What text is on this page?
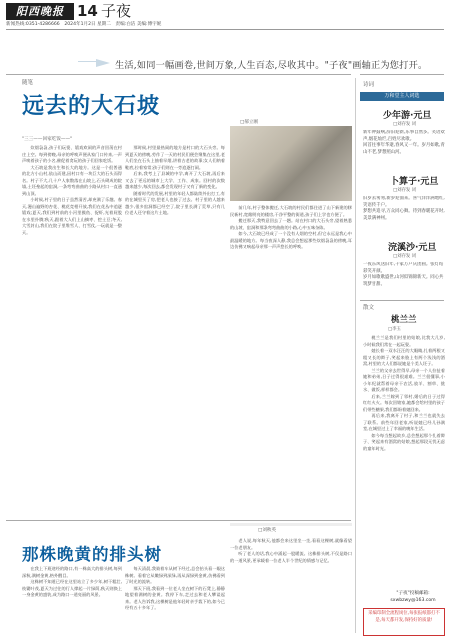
阳西晚报 14 子夜
新闻热线:0351-4286666　2024年1月2日 星期二　责编:白洁 美编:傅宇妮
生活,如同一幅画卷,世间万象,人生百态,尽收其中。"子夜"画轴正为您打开。
随笔
远去的大石坡
□郝立刚
"三三——回家吃饭——"

炊烟袅袅,孩子们玩耍、嬉戏欢闹的声音回荡在村庄上空。每到傍晚,母亲的呼唤声便从家门口传来,一声声唤着孩子的小名,催促着贪玩的孩子们回家吃饭。

大石坡是我出生和长大的地方。这是一个很普通的北方小山村,依山而建,因村口有一块巨大的石头而得名。村子不大,几十户人家散落在山坡上,石头砌成的院墙,土坯垒起的窑洞,一条弯弯曲曲的小路从村口一直通到山顶。

小时候,村子里的日子虽然清苦,却充满了乐趣。春天,漫山遍野的杏花、桃花竞相开放,我们在花丛中追逐嬉戏;夏天,我们到村前的小河里摸鱼、捉虾,光着屁股在水里扑腾;秋天,跟着大人们上山摘枣、挖土豆;冬天,大雪封山,我们在院子里堆雪人、打雪仗,一玩就是一整天。

那时候,村里最热闹的地方是村口的大石头旁。每到夏天的傍晚,劳作了一天的村民们便会聚集在这里,老人们坐在石头上抽着旱烟,讲着古老的故事;女人们纳着鞋底,拉着家常;孩子们则在一旁追逐打闹。

后来,我考上了县城的中学,离开了大石坡,再后来又去了更远的城市上大学、工作、成家。回村的次数越来越少,每次回去,都会发现村子又有了新的变化。

随着时代的发展,村里的年轻人都陆续外出打工,有的在城里买了房,把老人也接了过去。村子里的人越来越少,很多窑洞都已经空了,院子里长满了荒草,只有几位老人还守着这片土地。

前几年,村子整体搬迁,大石坡的村民们都住进了山下新建的移民新村,宽敞明亮的楼房,干净平整的街道,孩子们上学也方便了。

搬迁那天,我特意回去了一趟。站在村口的大石头旁,望着熟悉的山坡、窑洞和那条弯弯曲曲的小路,心中五味杂陈。

如今,大石坡已经成了一个没有人烟的空村,但它永远是我心中最温暖的地方。每当夜深人静,我总会想起那些炊烟袅袅的傍晚,耳边仿佛又响起母亲那一声声悠长的呼唤。

那株晚黄的排头树
□刘秋英

在我上下班途经的路口,有一株高大的排头树,每到深秋,满树金黄,格外醒目。

这株树不知道已经在这里站立了多少年,树干粗壮,枝繁叶茂,夏天为过往的行人撑起一片绿荫,秋天则换上一身金黄的盛装,成为路口一道亮丽的风景。

每天清晨,我骑着车从树下经过,总会抬头看一眼这株树。看着它从嫩绿到深绿,再从深绿到金黄,仿佛看到了时光的流转。

那天下班,我看到一位老人坐在树下的石凳上,静静地望着满树的金黄。我停下车,走过去和老人攀谈起来。老人告诉我,这棵树是他年轻时亲手栽下的,如今已经有五十多年了。

老人说,每年秋天,他都会来这里坐一坐,看看这棵树,就像看望一位老朋友。

听了老人的话,我心中涌起一股暖流。这株排头树,不仅是路口的一道风景,更承载着一位老人半个世纪的情感与记忆。

诗词
万和堂主人词选
少年游·元旦
□刘存发 词

新年钟鼓响,辞旧迎新,乐事自然多。笑语欢声,烟花灿烂,百姓尽欢歌。

回首往事年华逝,春风又一年。岁月如歌,青山不老,梦想照山河。

卜算子·元旦
□刘存发 词

旧岁去匆匆,新岁迎面来。喜气洋洋满地红,笑语传千户。

梦想共追寻,万众同心舞。待到春暖花开时,美景满神州。

浣溪沙·元旦
□刘存发 词

一夜东风送旧年,千家万户庆团圆。张灯结彩笑开颜。

岁月如歌歌盛世,山河似锦锦新天。同心共筑梦甘甜。

散文
桃兰兰
□李玉

桃兰兰是我们村里的姑娘,比我大几岁,小时候我们常在一起玩耍。

她长着一双水汪汪的大眼睛,扎着两根又粗又长的辫子,笑起来脸上有两个浅浅的酒窝,村里的大人们都说她是个美人坯子。

兰兰的父亲去世得早,母亲一个人拉扯着她和弟弟,日子过得很艰难。兰兰很懂事,小小年纪就帮着母亲干农活,放羊、割草、挑水、做饭,样样都会。

后来,兰兰嫁到了邻村,婚后的日子过得红红火火。每次回娘家,她都会给村里的孩子们带些糖果,我们都盼着她回来。

再后来,我离开了村子,和兰兰也就失去了联系。前些年回老家,听说她已经儿孙满堂,在城里过上了幸福的晚年生活。

如今每当想起故乡,总会想起那个扎着辫子、笑起来有酒窝的姑娘,想起那段无忧无虑的童年时光。

"子夜"投稿邮箱:
sxwbzwy@163.com
采编印制全流程岗位,每张报纸都打不是,每天都开发,保持好的质量!
